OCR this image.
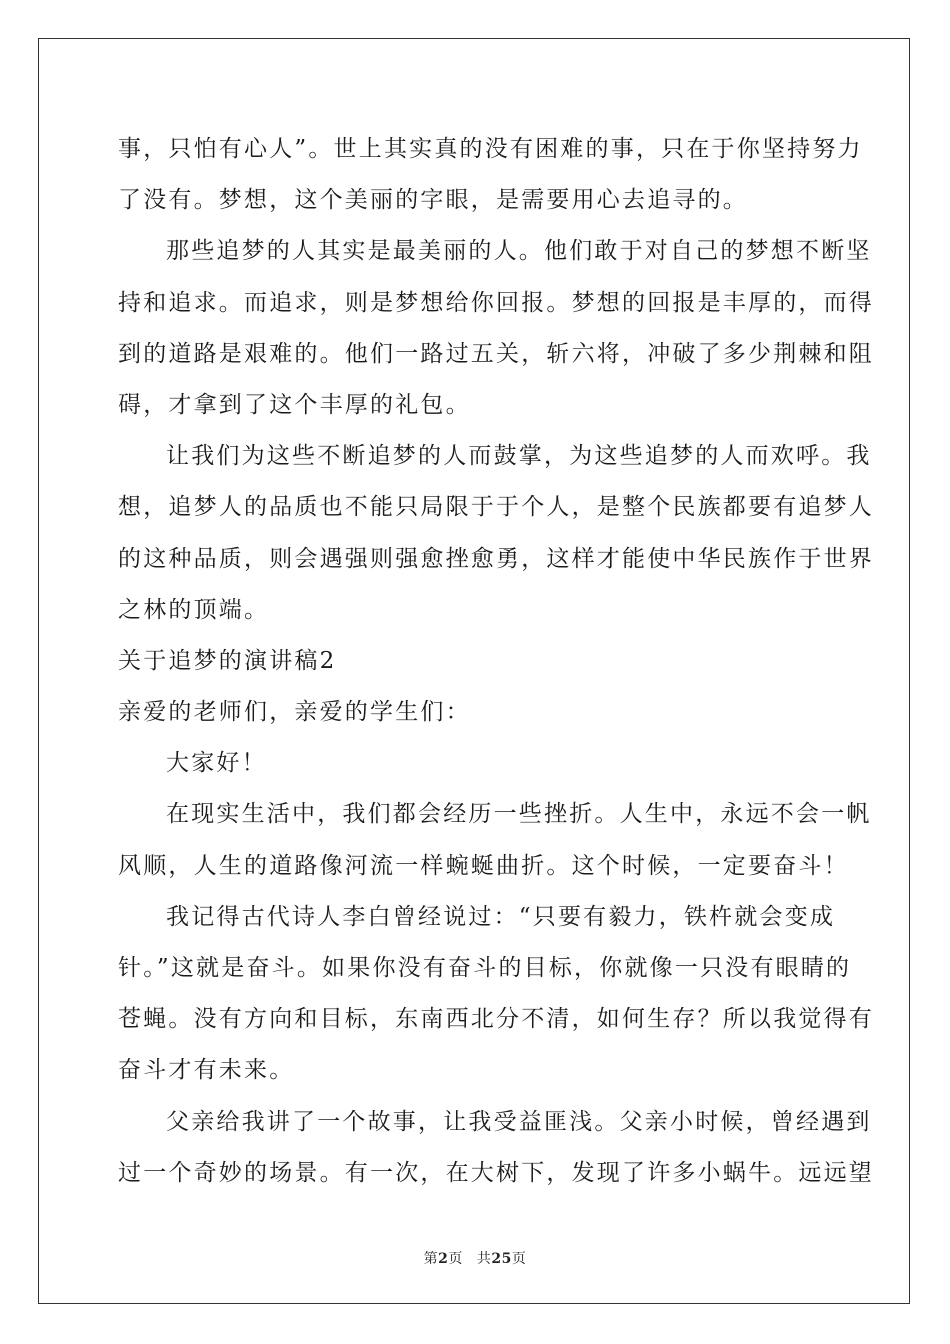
事，只怕有心人”。世上其实真的没有困难的事，只在于你坚持努力
了没有。梦想，这个美丽的字眼，是需要用心去追寻的。
那些追梦的人其实是最美丽的人。他们敢于对自己的梦想不断坚
持和追求。而追求，则是梦想给你回报。梦想的回报是丰厚的，而得
到的道路是艰难的。他们一路过五关，斩六将，冲破了多少荆棘和阻
碍，才拿到了这个丰厚的礼包。
让我们为这些不断追梦的人而鼓掌，为这些追梦的人而欢呼。我
想，追梦人的品质也不能只局限于于个人，是整个民族都要有追梦人
的这种品质，则会遇强则强愈挫愈勇，这样才能使中华民族作于世界
之林的顶端。
关于追梦的演讲稿2
亲爱的老师们，亲爱的学生们：
大家好！
在现实生活中，我们都会经历一些挫折。人生中，永远不会一帆
风顺，人生的道路像河流一样蜿蜒曲折。这个时候，一定要奋斗！
我记得古代诗人李白曾经说过：“只要有毅力，铁杵就会变成
针。”这就是奋斗。如果你没有奋斗的目标，你就像一只没有眼睛的
苍蝇。没有方向和目标，东南西北分不清，如何生存？所以我觉得有
奋斗才有未来。
父亲给我讲了一个故事，让我受益匪浅。父亲小时候，曾经遇到
过一个奇妙的场景。有一次，在大树下，发现了许多小蜗牛。远远望
第2页 共25页
